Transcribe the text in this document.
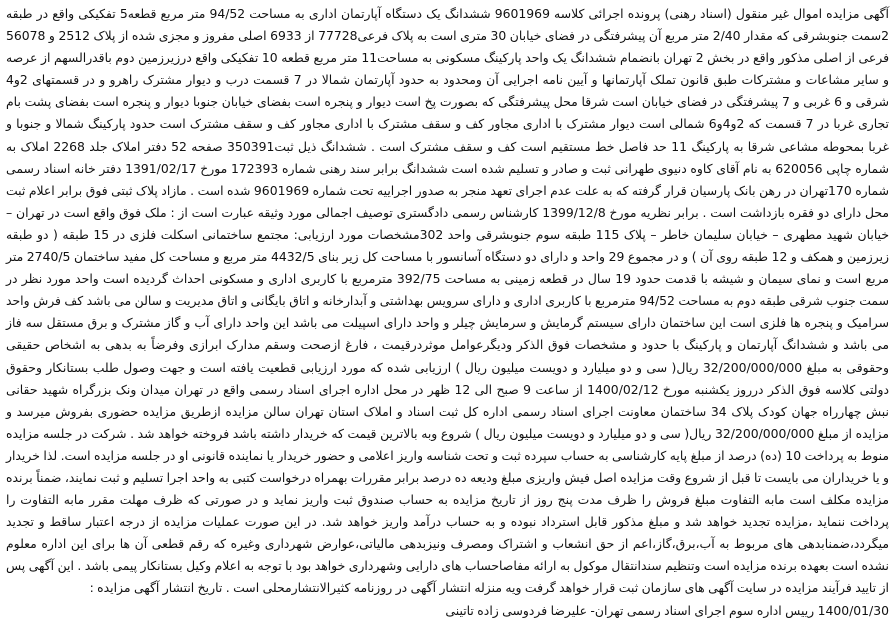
آگهی مزایده اموال غیر منقول (اسناد رهنی) پرونده اجرائی کلاسه 9601969 ششدانگ یک دستگاه آپارتمان اداری به مساحت 94/52 متر مربع قطعه5 تفکیکی واقع در طبقه 2سمت جنوبشرقی که مقدار 2/40 متر مربع آن پیشرفتگی در فضای خیابان 30 متری است به پلاک فرعی77728 از 6933 اصلی مفروز و مجزی شده از پلاک 2512 و 56078 فرعی از اصلی مذکور واقع در بخش 2 تهران بانضمام ششدانگ یک واحد پارکینگ مسکونی به مساحت11 متر مربع قطعه 10 تفکیکی واقع درزیرزمین دوم باقدرالسهم از عرصه و سایر مشاعات و مشترکات طبق قانون تملک آپارتمانها و آیین نامه اجرایی آن ومحدود به حدود آپارتمان شمالا در 7 قسمت درب و دیوار مشترک راهرو و در قسمتهای 2و4 شرقی و 6 غربی و 7 پیشرفتگی در فضای خیابان است شرقا محل پیشرفتگی که بصورت پخ است دیوار و پنجره است بفضای خیابان جنوبا دیوار و پنجره است بفضای پشت بام تجاری غربا در 7 قسمت که 2و4و6 شمالی است دیوار مشترک با اداری مجاور کف و سقف مشترک با اداری مجاور کف و سقف مشترک است حدود پارکینگ شمالا و جنوبا و غربا بمحوطه مشاعی شرقا به پارکینگ 11 حد فاصل خط مستقیم است کف و سقف مشترک است . ششدانگ ذیل ثبت350391 صفحه 52 دفتر املاک جلد 2268 املاک به شماره چاپی 620056 به نام آقای کاوه دنیوی طهرانی ثبت و صادر و تسلیم شده است ششدانگ برابر سند رهنی شماره 172393 مورخ 1391/02/17 دفتر خانه اسناد رسمی شماره 170تهران در رهن بانک پارسیان قرار گرفته که به علت عدم اجرای تعهد منجر به صدور اجراییه تحت شماره 9601969 شده است . مازاد پلاک ثبتی فوق برابر اعلام ثبت محل دارای دو فقره بازداشت است . برابر نظریه مورخ 1399/12/8 کارشناس رسمی دادگستری توصیف اجمالی مورد وثیقه عبارت است از : ملک فوق واقع است در تهران –خیابان شهید مطهری – خیابان سلیمان خاطر – پلاک 115 طبقه سوم جنوبشرقی واحد 302مشخصات مورد ارزیابی: مجتمع ساختمانی اسکلت فلزی در 15 طبقه ( دو طبقه زیرزمین و همکف و 12 طبقه روی آن ) و در مجموع 29 واحد و دارای دو دستگاه آسانسور با مساحت کل زیر بنای 4432/5 متر مربع و مساحت کل مفید ساختمان 2740/5 متر مربع است و نمای سیمان و شیشه با قدمت حدود 19 سال در قطعه زمینی به مساحت 392/75 مترمربع با کاربری اداری و مسکونی احداث گردیده است واحد مورد نظر در سمت جنوب شرقی طبقه دوم به مساحت 94/52 مترمربع با کاربری اداری و دارای سرویس بهداشتی و آبدارخانه و اتاق بایگانی و اتاق مدیریت و سالن می باشد کف فرش واحد سرامیک و پنجره ها فلزی است این ساختمان دارای سیستم گرمایش و سرمایش چیلر و واحد دارای اسپیلت می باشد این واحد دارای آب و گاز مشترک و برق مستقل سه فاز می باشد و ششدانگ آپارتمان و پارکینگ با حدود و مشخصات فوق الذکر ودیگرعوامل موثردرقیمت ، فارغ ازصحت وسقم مدارک ابرازی وفرضاً به بدهی به اشخاص حقیقی وحقوقی به مبلغ 32/200/000/000 ریال( سی و دو میلیارد و دویست میلیون ریال ) ارزیابی شده که مورد ارزیابی قطعیت یافته است و جهت وصول طلب بستانکار وحقوق دولتی کلاسه فوق الذکر درروز یکشنبه مورخ 1400/02/12 از ساعت 9 صبح الی 12 ظهر در محل اداره اجرای اسناد رسمی واقع در تهران میدان ونک بزرگراه شهید حقانی نبش چهارراه جهان کودک پلاک 34 ساختمان معاونت اجرای اسناد رسمی اداره کل ثبت اسناد و املاک استان تهران سالن مزایده ازطریق مزایده حضوری بفروش میرسد و مزایده از مبلغ 32/200/000/000 ریال( سی و دو میلیارد و دویست میلیون ریال ) شروع وبه بالاترین قیمت که خریدار داشته باشد فروخته خواهد شد . شرکت در جلسه مزایده منوط به پرداخت 10 (ده) درصد از مبلغ پایه کارشناسی به حساب سپرده ثبت و تحت شناسه واریز اعلامی و حضور خریدار یا نماینده قانونی او در جلسه مزایده است. لذا خریدار و یا خریداران می بایست تا قبل از شروع وقت مزایده اصل فیش واریزی مبلغ ودیعه ده درصد برابر مقررات بهمراه درخواست کتبی به واحد اجرا تسلیم و ثبت نمایند، ضمناً برنده مزایده مکلف است مابه التفاوت مبلغ فروش را ظرف مدت پنج روز از تاریخ مزایده به حساب صندوق ثبت واریز نماید و در صورتی که ظرف مهلت مقرر مابه التفاوت را پرداخت ننماید ،مزایده تجدید خواهد شد و مبلغ مذکور قابل استرداد نبوده و به حساب درآمد واریز خواهد شد. در این صورت عملیات مزایده از درجه اعتبار ساقط و تجدید میگردد،ضمنابدهی های مربوط به آب،برق،گاز،اعم از حق انشعاب و اشتراک ومصرف ونیزبدهی مالیاتی،عوارض شهرداری وغیره که رقم قطعی آن ها برای این اداره معلوم نشده است بعهده برنده مزایده است وتنظیم سندانتقال موکول به ارائه مفاصاحساب های دارایی وشهرداری خواهد بود با توجه به اعلام وکیل بستانکار پیمی باشد . این آگهی پس از تایید فرآیند مزایده در سایت آگهی های سازمان ثبت قرار خواهد گرفت ویه منزله انتشار آگهی در روزنامه کثیرالانتشارمحلی است . تاریخ انتشار آگهی مزایده :

1400/01/30 رییس اداره سوم اجرای اسناد رسمی تهران- علیرضا فردوسی زاده تاتینی
